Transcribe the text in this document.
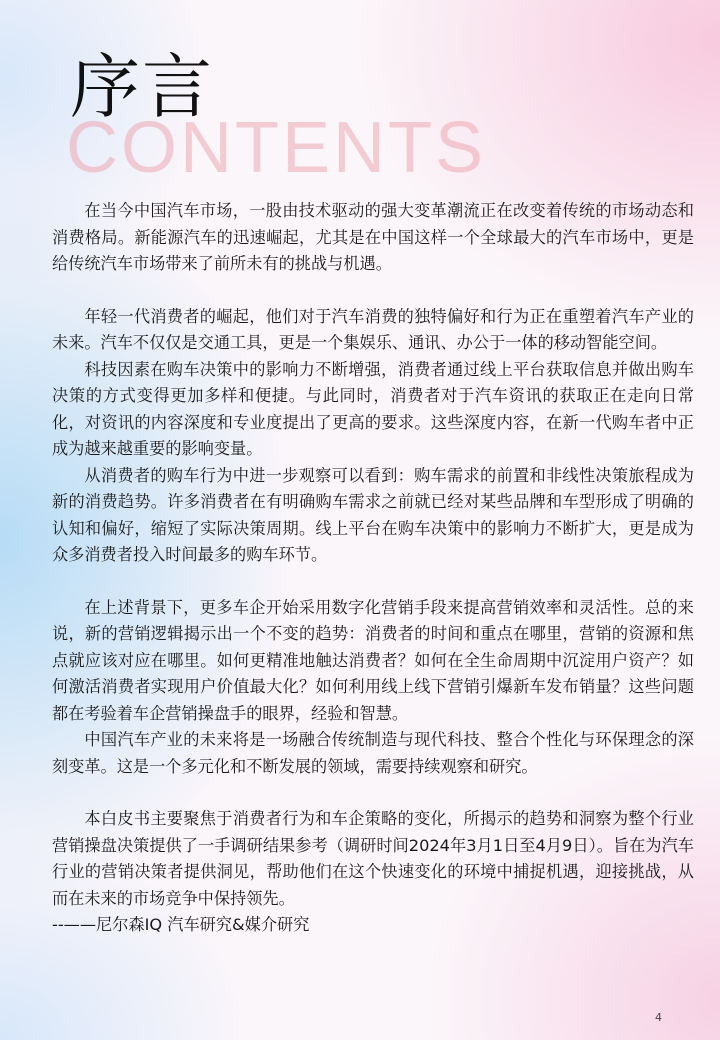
序言
CONTENTS

在当今中国汽车市场，一股由技术驱动的强大变革潮流正在改变着传统的市场动态和消费格局。新能源汽车的迅速崛起，尤其是在中国这样一个全球最大的汽车市场中，更是给传统汽车市场带来了前所未有的挑战与机遇。

年轻一代消费者的崛起，他们对于汽车消费的独特偏好和行为正在重塑着汽车产业的未来。汽车不仅仅是交通工具，更是一个集娱乐、通讯、办公于一体的移动智能空间。

科技因素在购车决策中的影响力不断增强，消费者通过线上平台获取信息并做出购车决策的方式变得更加多样和便捷。与此同时，消费者对于汽车资讯的获取正在走向日常化，对资讯的内容深度和专业度提出了更高的要求。这些深度内容，在新一代购车者中正成为越来越重要的影响变量。

从消费者的购车行为中进一步观察可以看到：购车需求的前置和非线性决策旅程成为新的消费趋势。许多消费者在有明确购车需求之前就已经对某些品牌和车型形成了明确的认知和偏好，缩短了实际决策周期。线上平台在购车决策中的影响力不断扩大，更是成为众多消费者投入时间最多的购车环节。

在上述背景下，更多车企开始采用数字化营销手段来提高营销效率和灵活性。总的来说，新的营销逻辑揭示出一个不变的趋势：消费者的时间和重点在哪里，营销的资源和焦点就应该对应在哪里。如何更精准地触达消费者？如何在全生命周期中沉淀用户资产？如何激活消费者实现用户价值最大化？如何利用线上线下营销引爆新车发布销量？这些问题都在考验着车企营销操盘手的眼界，经验和智慧。

中国汽车产业的未来将是一场融合传统制造与现代科技、整合个性化与环保理念的深刻变革。这是一个多元化和不断发展的领域，需要持续观察和研究。

本白皮书主要聚焦于消费者行为和车企策略的变化，所揭示的趋势和洞察为整个行业营销操盘决策提供了一手调研结果参考（调研时间2024年3月1日至4月9日）。旨在为汽车行业的营销决策者提供洞见，帮助他们在这个快速变化的环境中捕捉机遇，迎接挑战，从而在未来的市场竞争中保持领先。

--——尼尔森IQ 汽车研究&媒介研究

4
